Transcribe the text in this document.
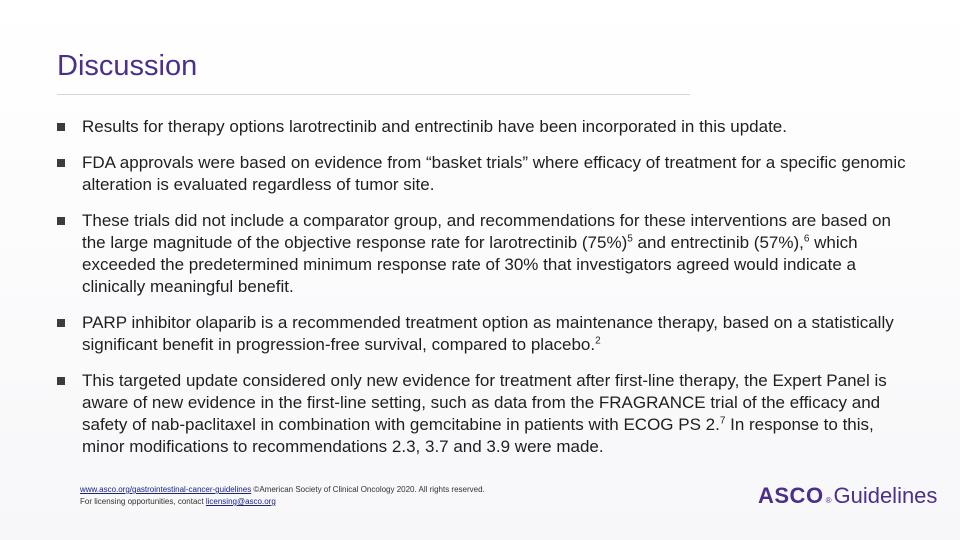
Discussion
Results for therapy options larotrectinib and entrectinib have been incorporated in this update.
FDA approvals were based on evidence from “basket trials” where efficacy of treatment for a specific genomic alteration is evaluated regardless of tumor site.
These trials did not include a comparator group, and recommendations for these interventions are based on the large magnitude of the objective response rate for larotrectinib $(75\%)^5$ and entrectinib (57%),$^6$ which exceeded the predetermined minimum response rate of 30% that investigators agreed would indicate a clinically meaningful benefit.
PARP inhibitor olaparib is a recommended treatment option as maintenance therapy, based on a statistically significant benefit in progression-free survival, compared to placebo.$^2$
This targeted update considered only new evidence for treatment after first-line therapy, the Expert Panel is aware of new evidence in the first-line setting, such as data from the FRAGRANCE trial of the efficacy and safety of nab-paclitaxel in combination with gemcitabine in patients with ECOG PS 2.$^7$ In response to this, minor modifications to recommendations 2.3, 3.7 and 3.9 were made.
www.asco.org/gastrointestinal-cancer-guidelines ©American Society of Clinical Oncology 2020. All rights reserved.
For licensing opportunities, contact licensing@asco.org	ASCO ® Guidelines
